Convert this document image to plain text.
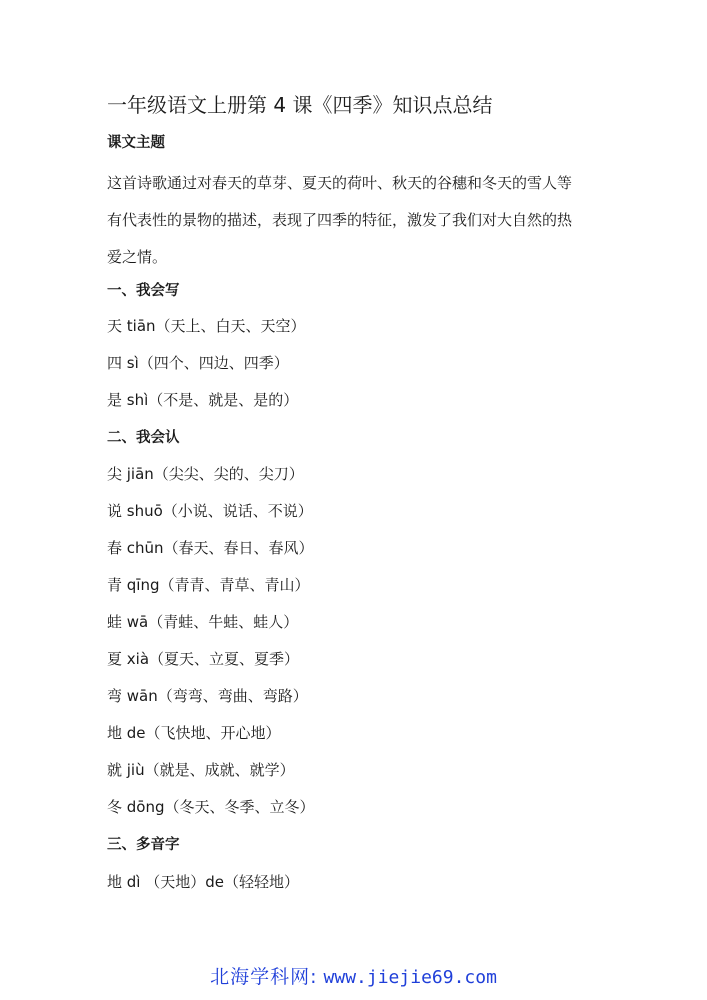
一年级语文上册第 4 课《四季》知识点总结
课文主题
这首诗歌通过对春天的草芽、夏天的荷叶、秋天的谷穗和冬天的雪人等
有代表性的景物的描述，表现了四季的特征，激发了我们对大自然的热
爱之情。
一、我会写
天 tiān（天上、白天、天空）
四 sì（四个、四边、四季）
是 shì（不是、就是、是的）
二、我会认
尖 jiān（尖尖、尖的、尖刀）
说 shuō（小说、说话、不说）
春 chūn（春天、春日、春风）
青 qīng（青青、青草、青山）
蛙 wā（青蛙、牛蛙、蛙人）
夏 xià（夏天、立夏、夏季）
弯 wān（弯弯、弯曲、弯路）
地 de（飞快地、开心地）
就 jiù（就是、成就、就学）
冬 dōng（冬天、冬季、立冬）
三、多音字
地 dì （天地）de（轻轻地）
北海学科网: www.jiejie69.com
